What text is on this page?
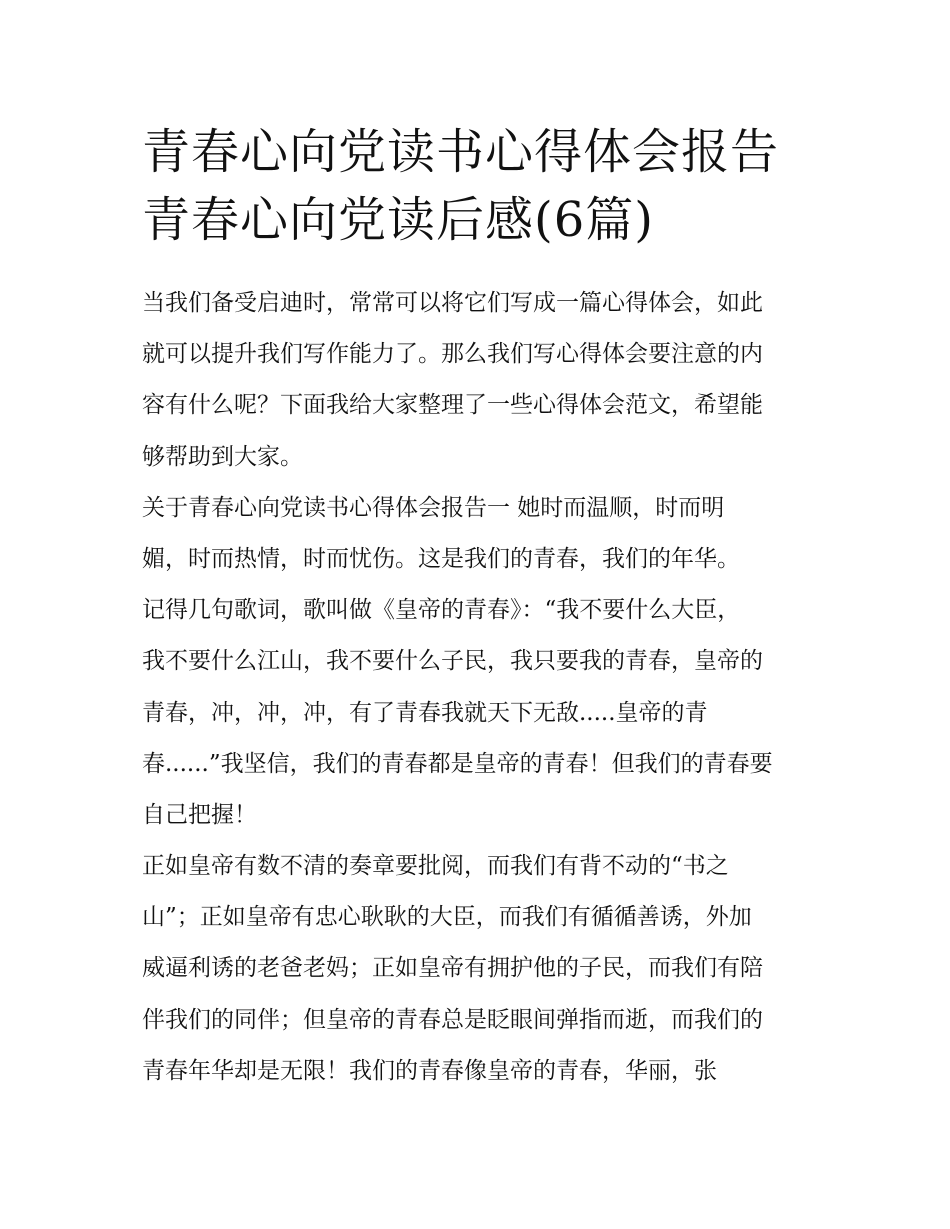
青春心向党读书心得体会报告
青春心向党读后感(6篇)
当我们备受启迪时，常常可以将它们写成一篇心得体会，如此
就可以提升我们写作能力了。那么我们写心得体会要注意的内
容有什么呢？下面我给大家整理了一些心得体会范文，希望能
够帮助到大家。
关于青春心向党读书心得体会报告一 她时而温顺，时而明
媚，时而热情，时而忧伤。这是我们的青春，我们的年华。
记得几句歌词，歌叫做《皇帝的青春》：“我不要什么大臣，
我不要什么江山，我不要什么子民，我只要我的青春，皇帝的
青春，冲，冲，冲，有了青春我就天下无敌.....皇帝的青
春......”我坚信，我们的青春都是皇帝的青春！但我们的青春要
自己把握！
正如皇帝有数不清的奏章要批阅，而我们有背不动的“书之
山”；正如皇帝有忠心耿耿的大臣，而我们有循循善诱，外加
威逼利诱的老爸老妈；正如皇帝有拥护他的子民，而我们有陪
伴我们的同伴；但皇帝的青春总是眨眼间弹指而逝，而我们的
青春年华却是无限！我们的青春像皇帝的青春，华丽，张
